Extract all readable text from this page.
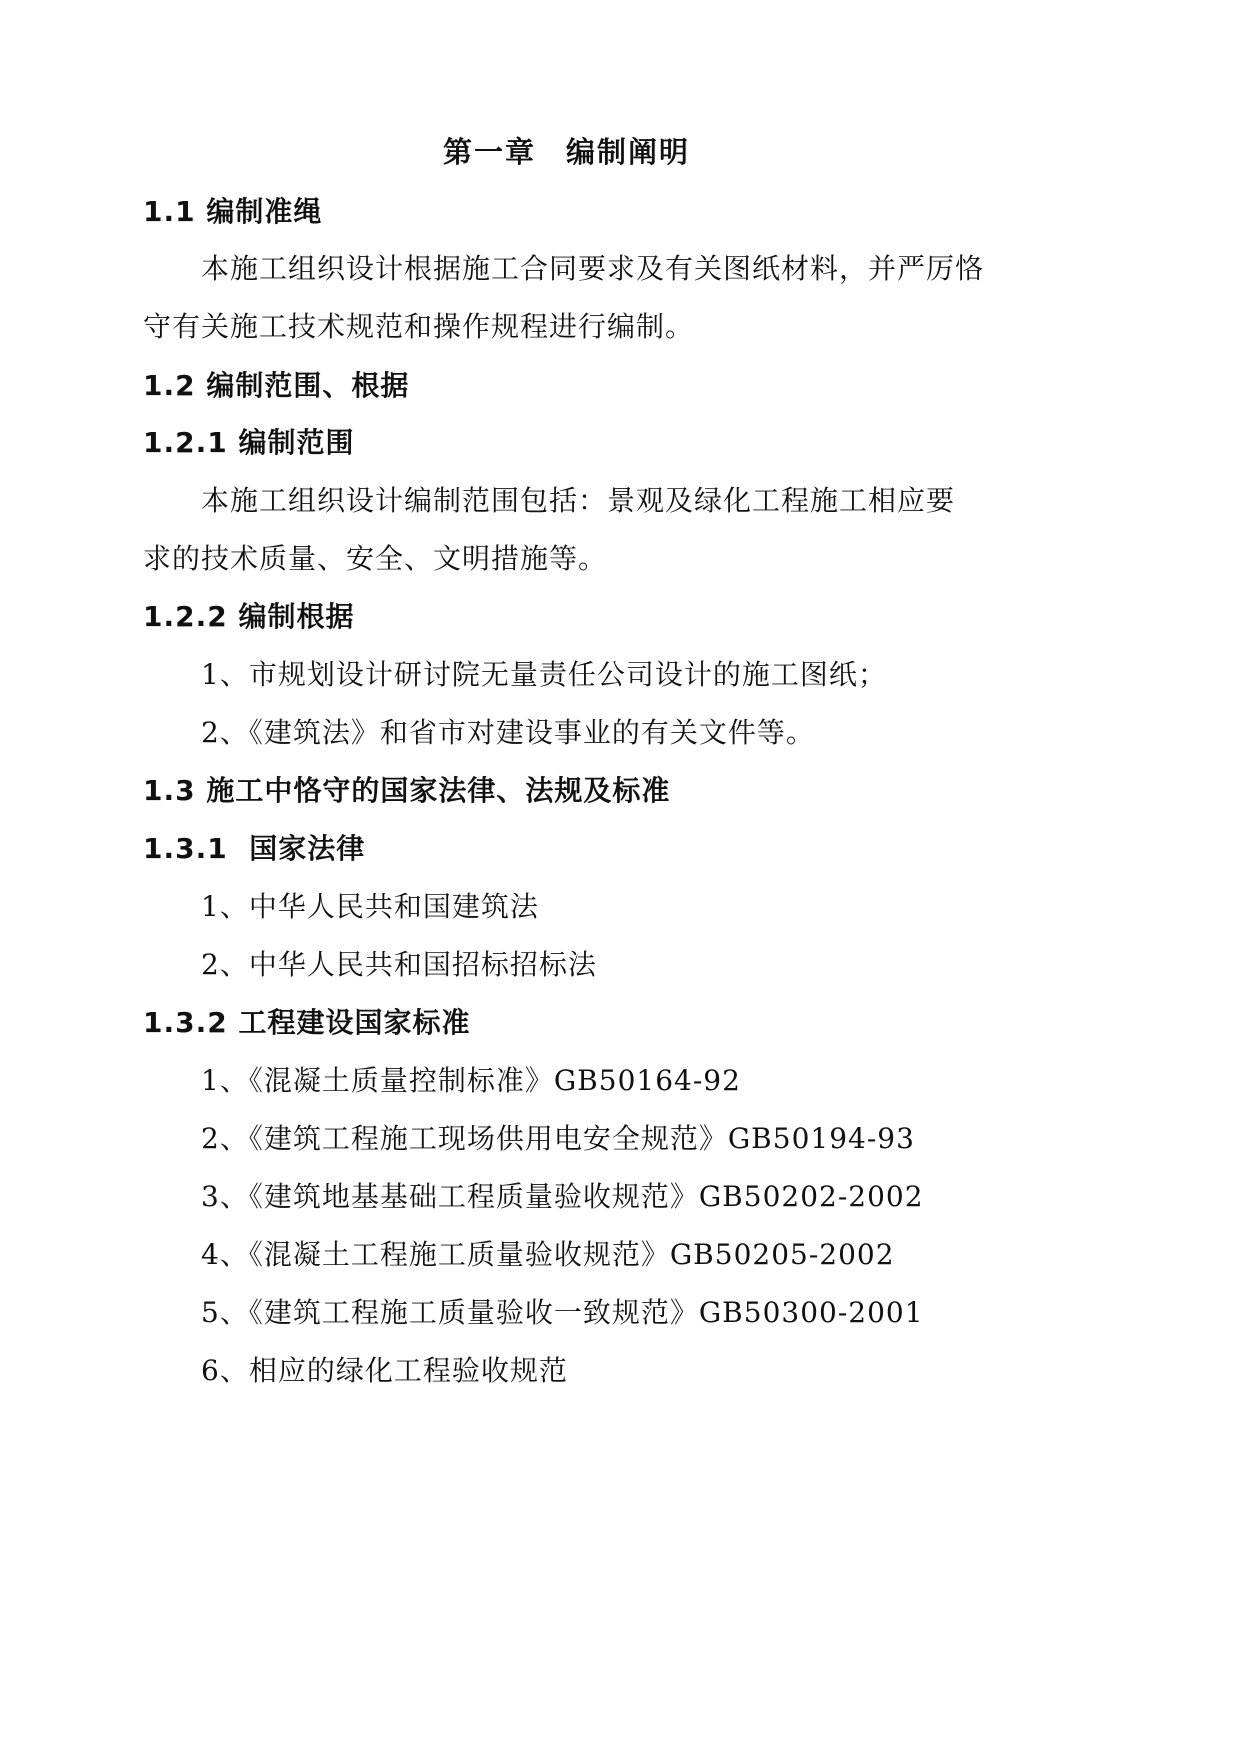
第一章 编制阐明
1.1 编制准绳
本施工组织设计根据施工合同要求及有关图纸材料，并严厉恪
守有关施工技术规范和操作规程进行编制。
1.2 编制范围、根据
1.2.1 编制范围
本施工组织设计编制范围包括：景观及绿化工程施工相应要
求的技术质量、安全、文明措施等。
1.2.2 编制根据
1、市规划设计研讨院无量责任公司设计的施工图纸；
2、《建筑法》和省市对建设事业的有关文件等。
1.3 施工中恪守的国家法律、法规及标准
1.3.1  国家法律
1、中华人民共和国建筑法
2、中华人民共和国招标招标法
1.3.2 工程建设国家标准
1、《混凝土质量控制标准》GB50164-92
2、《建筑工程施工现场供用电安全规范》GB50194-93
3、《建筑地基基础工程质量验收规范》GB50202-2002
4、《混凝土工程施工质量验收规范》GB50205-2002
5、《建筑工程施工质量验收一致规范》GB50300-2001
6、相应的绿化工程验收规范
